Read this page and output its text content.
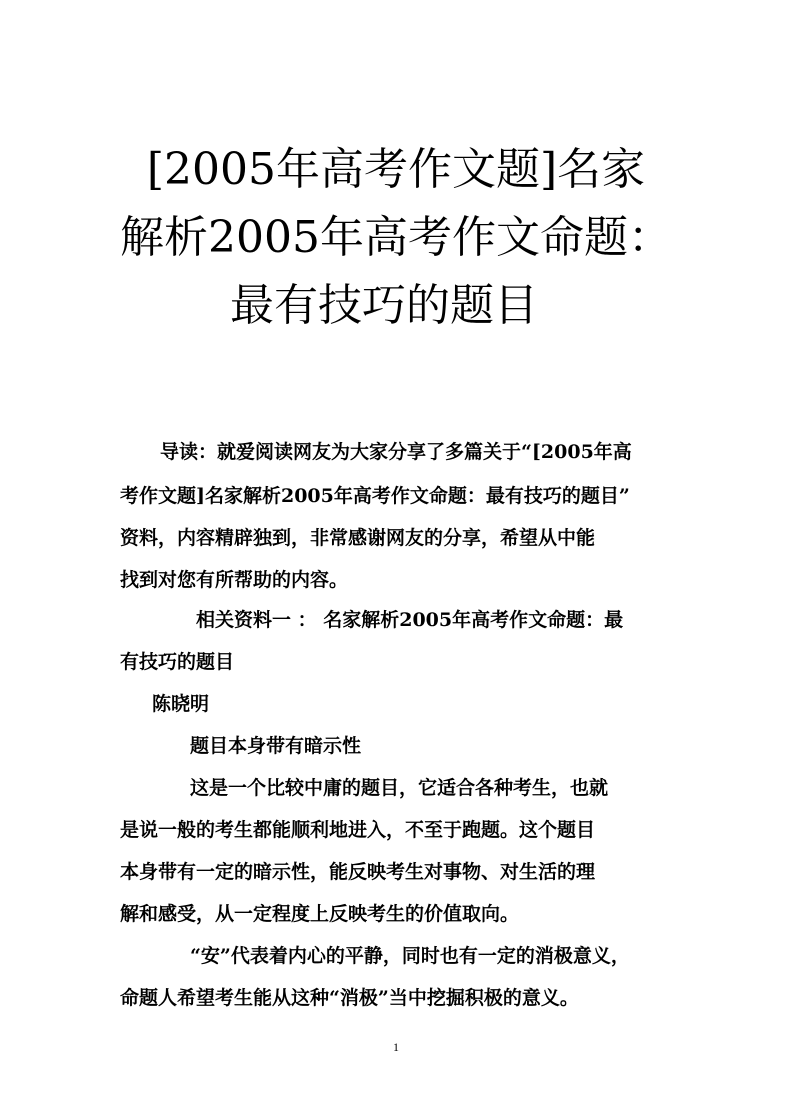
[2005年高考作文题]名家
解析2005年高考作文命题：
最有技巧的题目
导读：就爱阅读网友为大家分享了多篇关于“[2005年高
考作文题]名家解析2005年高考作文命题：最有技巧的题目”
资料，内容精辟独到，非常感谢网友的分享，希望从中能
找到对您有所帮助的内容。
相关资料一 ： 名家解析2005年高考作文命题：最
有技巧的题目
陈晓明
题目本身带有暗示性
这是一个比较中庸的题目，它适合各种考生，也就
是说一般的考生都能顺利地进入，不至于跑题。这个题目
本身带有一定的暗示性，能反映考生对事物、对生活的理
解和感受，从一定程度上反映考生的价值取向。
“安”代表着内心的平静，同时也有一定的消极意义，
命题人希望考生能从这种“消极”当中挖掘积极的意义。
1
